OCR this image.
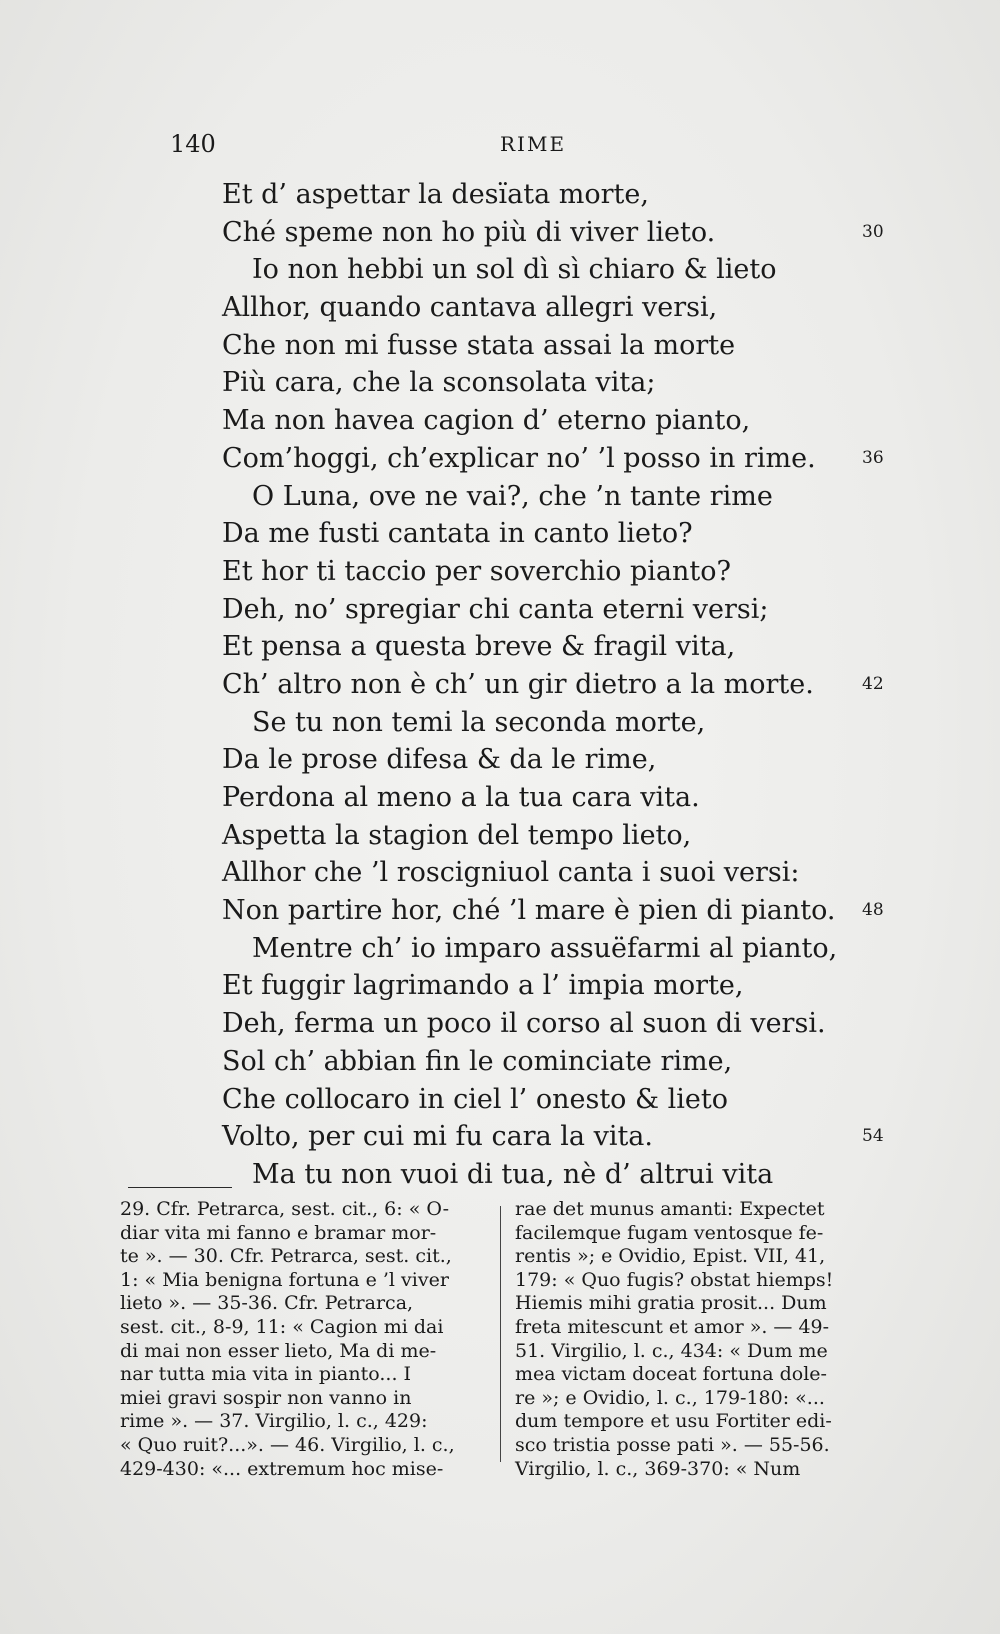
140	RIME
Et d’ aspettar la desïata morte,
Ché speme non ho più di viver lieto.	30
Io non hebbi un sol dì sì chiaro & lieto
Allhor, quando cantava allegri versi,
Che non mi fusse stata assai la morte
Più cara, che la sconsolata vita;
Ma non havea cagion d’ eterno pianto,
Com’hoggi, ch’explicar no’ ’l posso in rime.	36
O Luna, ove ne vai?, che ’n tante rime
Da me fusti cantata in canto lieto?
Et hor ti taccio per soverchio pianto?
Deh, no’ spregiar chi canta eterni versi;
Et pensa a questa breve & fragil vita,
Ch’ altro non è ch’ un gir dietro a la morte.	42
Se tu non temi la seconda morte,
Da le prose difesa & da le rime,
Perdona al meno a la tua cara vita.
Aspetta la stagion del tempo lieto,
Allhor che ’l roscigniuol canta i suoi versi:
Non partire hor, ché ’l mare è pien di pianto. 48
Mentre ch’ io imparo assuëfarmi al pianto,
Et fuggir lagrimando a l’ impia morte,
Deh, ferma un poco il corso al suon di versi.
Sol ch’ abbian fin le cominciate rime,
Che collocaro in ciel l’ onesto & lieto
Volto, per cui mi fu cara la vita.	54
Ma tu non vuoi di tua, nè d’ altrui vita
29. Cfr. Petrarca, sest. cit., 6: « O-
diar vita mi fanno e bramar mor-
te ». — 30. Cfr. Petrarca, sest. cit.,
1: « Mia benigna fortuna e ’l viver
lieto ». — 35-36. Cfr. Petrarca,
sest. cit., 8-9, 11: « Cagion mi dai
di mai non esser lieto, Ma di me-
nar tutta mia vita in pianto... I
miei gravi sospir non vanno in
rime ». — 37. Virgilio, l. c., 429:
« Quo ruit?...». — 46. Virgilio, l. c.,
429-430: «... extremum hoc mise-
rae det munus amanti: Expectet
facilemque fugam ventosque fe-
rentis »; e Ovidio, Epist. VII, 41,
179: « Quo fugis? obstat hiemps!
Hiemis mihi gratia prosit... Dum
freta mitescunt et amor ». — 49-
51. Virgilio, l. c., 434: « Dum me
mea victam doceat fortuna dole-
re »; e Ovidio, l. c., 179-180: «...
dum tempore et usu Fortiter edi-
sco tristia posse pati ». — 55-56.
Virgilio, l. c., 369-370: « Num
